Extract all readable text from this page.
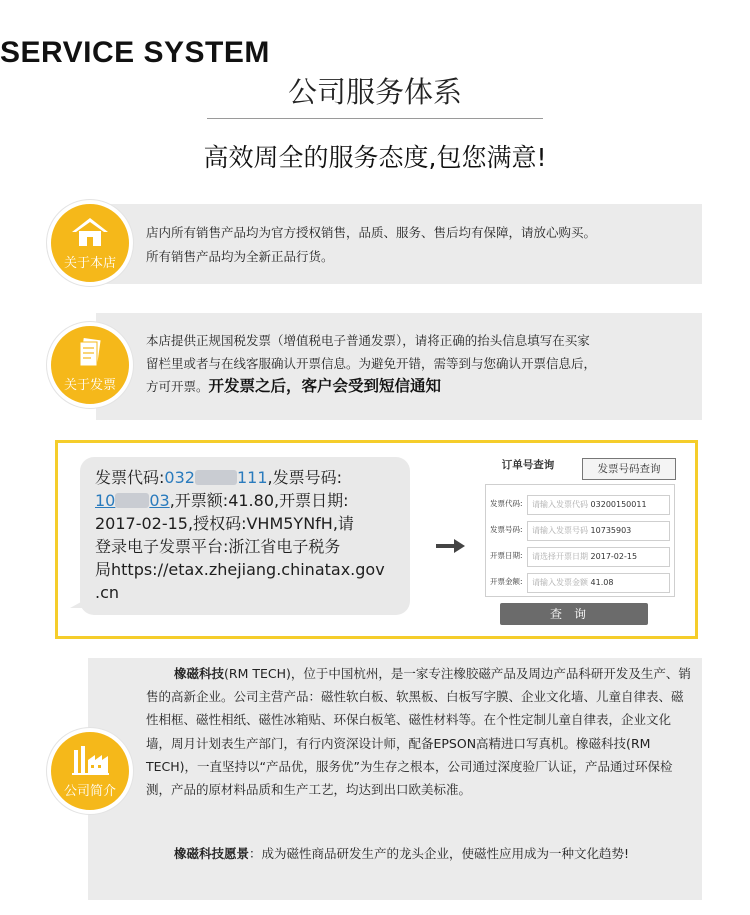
SERVICE SYSTEM
公司服务体系
高效周全的服务态度,包您满意!
关于本店
店内所有销售产品均为官方授权销售，品质、服务、售后均有保障，请放心购买。
所有销售产品均为全新正品行货。
关于发票
本店提供正规国税发票（增值税电子普通发票），请将正确的抬头信息填写在买家
留栏里或者与在线客服确认开票信息。为避免开错，需等到与您确认开票信息后，
方可开票。开发票之后，客户会受到短信通知
发票代码:032	111,发票号码:
10 03,开票额:41.80,开票日期:
2017-02-15,授权码:VHM5YNfH,请
登录电子发票平台:浙江省电子税务
局https://etax.zhejiang.chinatax.gov
.cn
订单号查询	发票号码查询
发票代码:	请输入发票代码 03200150011
发票号码:	请输入发票号码 10735903
开票日期:	请选择开票日期 2017-02-15
开票金额:	请输入发票金额 41.08
查询
公司简介
橡磁科技(RM TECH)，位于中国杭州，是一家专注橡胶磁产品及周边产品科研开发及生产、销售的高新企业。公司主营产品：磁性软白板、软黑板、白板写字膜、企业文化墙、儿童自律表、磁性相框、磁性相纸、磁性冰箱贴、环保白板笔、磁性材料等。在个性定制儿童自律表，企业文化墙，周月计划表生产部门，有行内资深设计师，配备EPSON高精进口写真机。橡磁科技(RM TECH)，一直坚持以“产品优，服务优”为生存之根本，公司通过深度验厂认证，产品通过环保检测，产品的原材料品质和生产工艺，均达到出口欧美标准。
橡磁科技愿景：成为磁性商品研发生产的龙头企业，使磁性应用成为一种文化趋势!
